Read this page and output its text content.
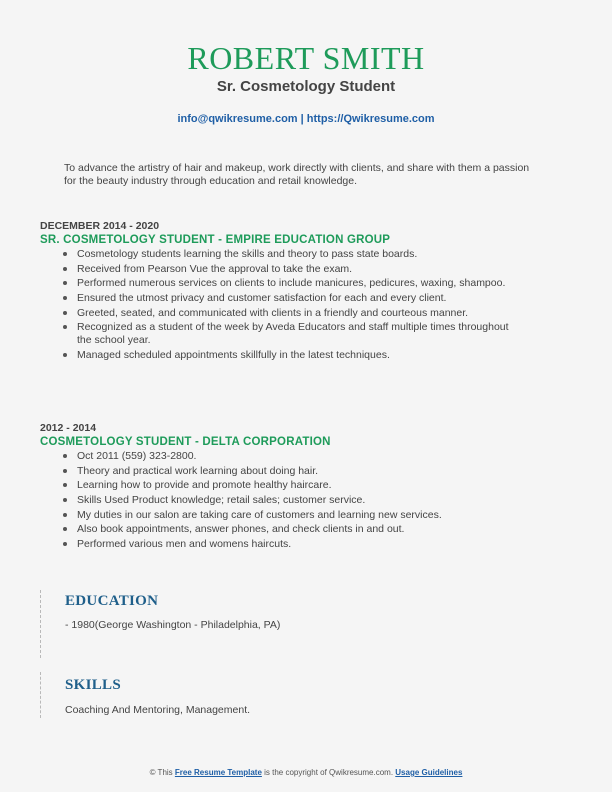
ROBERT SMITH
Sr. Cosmetology Student
info@qwikresume.com | https://Qwikresume.com
To advance the artistry of hair and makeup, work directly with clients, and share with them a passion for the beauty industry through education and retail knowledge.
DECEMBER 2014 - 2020
SR. COSMETOLOGY STUDENT - EMPIRE EDUCATION GROUP
Cosmetology students learning the skills and theory to pass state boards.
Received from Pearson Vue the approval to take the exam.
Performed numerous services on clients to include manicures, pedicures, waxing, shampoo.
Ensured the utmost privacy and customer satisfaction for each and every client.
Greeted, seated, and communicated with clients in a friendly and courteous manner.
Recognized as a student of the week by Aveda Educators and staff multiple times throughout the school year.
Managed scheduled appointments skillfully in the latest techniques.
2012 - 2014
COSMETOLOGY STUDENT - DELTA CORPORATION
Oct 2011 (559) 323-2800.
Theory and practical work learning about doing hair.
Learning how to provide and promote healthy haircare.
Skills Used Product knowledge; retail sales; customer service.
My duties in our salon are taking care of customers and learning new services.
Also book appointments, answer phones, and check clients in and out.
Performed various men and womens haircuts.
EDUCATION
- 1980(George Washington - Philadelphia, PA)
SKILLS
Coaching And Mentoring, Management.
© This Free Resume Template is the copyright of Qwikresume.com. Usage Guidelines
